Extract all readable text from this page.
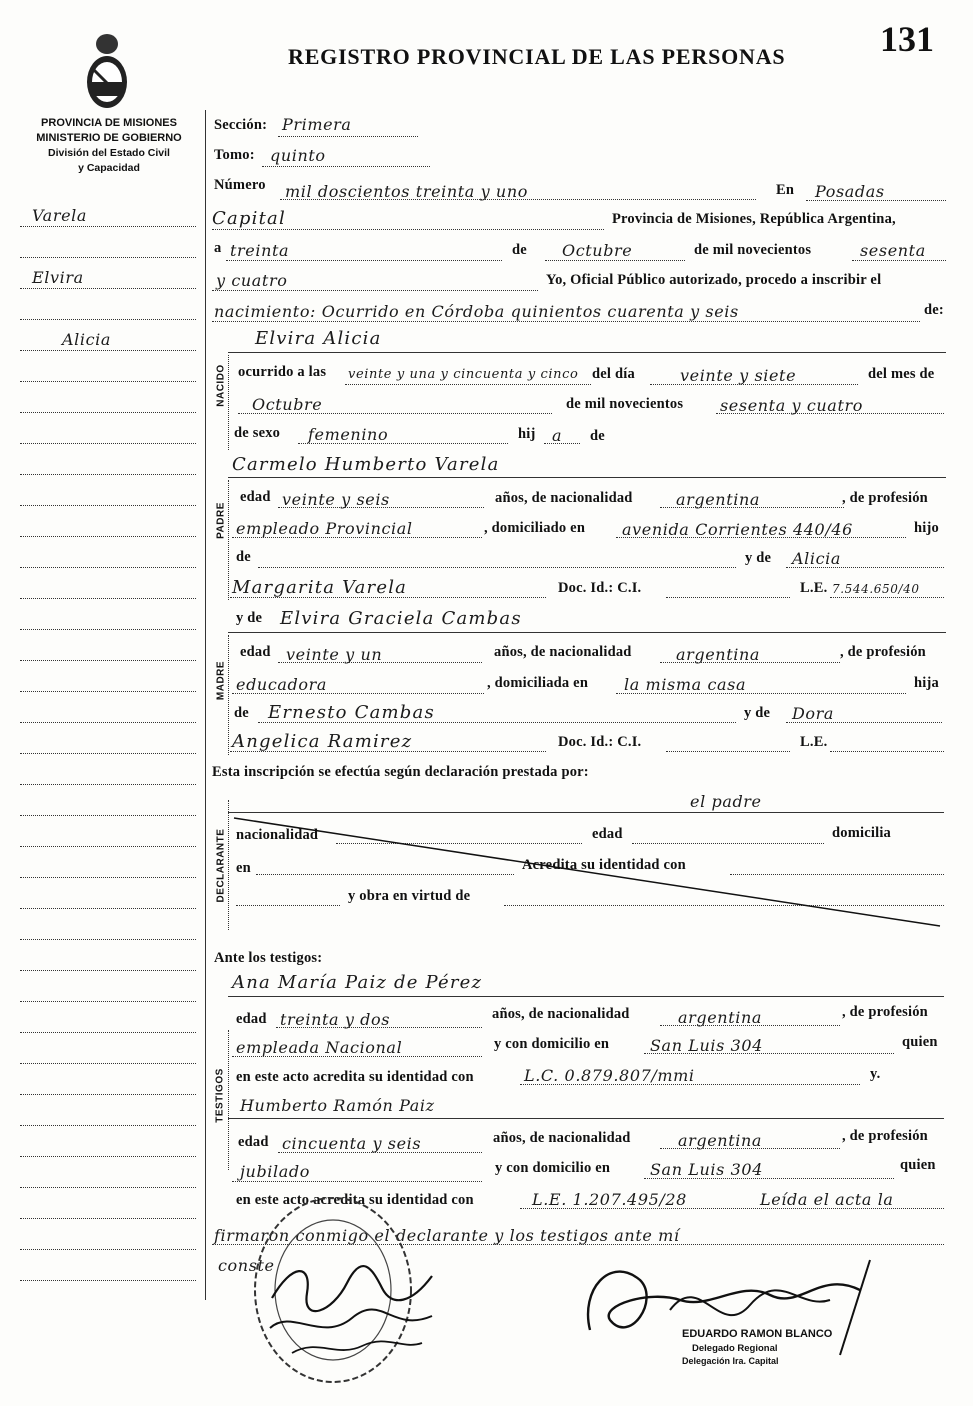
REGISTRO PROVINCIAL DE LAS PERSONAS	131
PROVINCIA DE MISIONES
MINISTERIO DE GOBIERNO
División del Estado Civil
y Capacidad
Varela
Elvira
Alicia
NACIDO
PADRE
MADRE
DECLARANTE
TESTIGOS
Sección: Primera
Tomo: quinto
Número mil doscientos treinta y uno	En Posadas
Capital	Provincia de Misiones, República Argentina,
a treinta	de Octubre	de mil novecientos	sesenta
y cuatro	Yo, Oficial Público autorizado, procedo a inscribir el
nacimiento: Ocurrido en Córdoba quinientos cuarenta y seis	de:
Elvira Alicia
ocurrido a las veinte y una y cincuenta y cinco del día	veinte y siete	del mes de
Octubre	de mil novecientos sesenta y cuatro
de sexo femenino	hij a de
Carmelo Humberto Varela
edad veinte y seis	años, de nacionalidad	argentina	, de profesión
empleado Provincial	, domiciliado en avenida Corrientes 440/46	hijo
de	y de Alicia
Margarita Varela	Doc. Id.: C.I.	L.E. 7.544.650/40
y de Elvira Graciela Cambas
edad veinte y un	años, de nacionalidad	argentina	, de profesión
educadora	, domiciliada en la misma casa	hija
de Ernesto Cambas	y de Dora
Angelica Ramirez	Doc. Id.: C.I.	L.E.
Esta inscripción se efectúa según declaración prestada por:
el padre
nacionalidad	edad	domicilia
en	Acredita su identidad con
y obra en virtud de
Ante los testigos:
Ana María Paiz de Pérez
edad treinta y dos	años, de nacionalidad	argentina	, de profesión
empleada Nacional	y con domicilio en	San Luis 304	quien
en este acto acredita su identidad con	L.C. 0.879.807/mmi	y.
Humberto Ramón Paiz
edad cincuenta y seis	años, de nacionalidad	argentina	, de profesión
jubilado	y con domicilio en San Luis 304	quien
en este acto acredita su identidad con	L.E. 1.207.495/28	Leída el acta la
firmaron conmigo el declarante y los testigos ante mí
conste
EDUARDO RAMON BLANCO
Delegado Regional
Delegación Ira. Capital
